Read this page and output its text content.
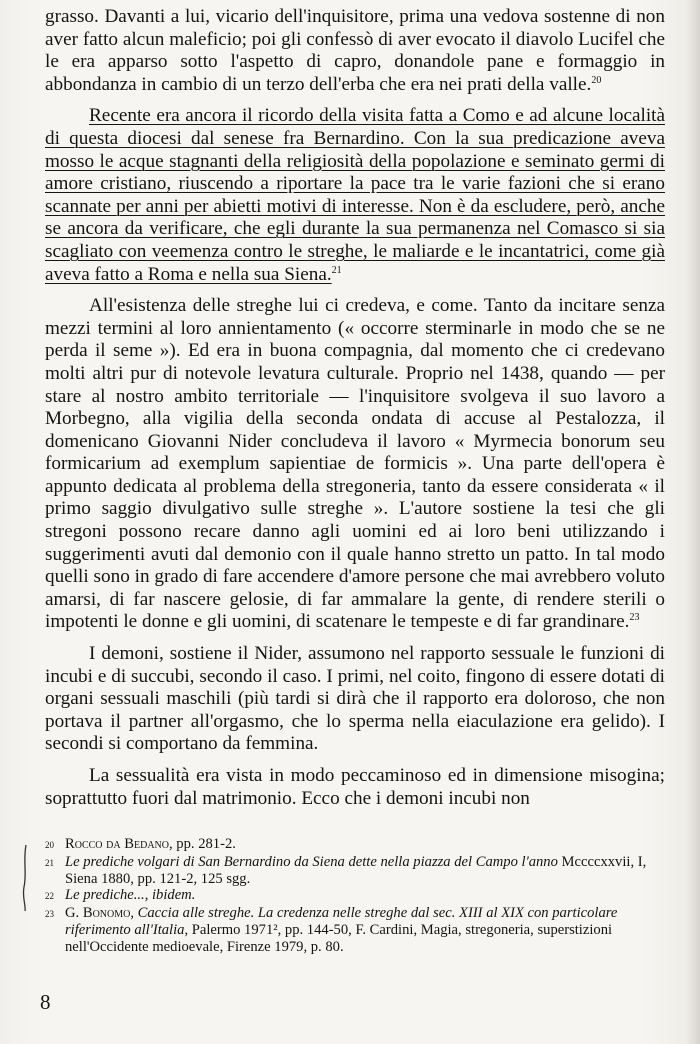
grasso. Davanti a lui, vicario dell'inquisitore, prima una vedova sostenne di non aver fatto alcun maleficio; poi gli confessò di aver evocato il diavolo Lucifel che le era apparso sotto l'aspetto di capro, donandole pane e formaggio in abbondanza in cambio di un terzo dell'erba che era nei prati della valle.$^{20}$

Recente era ancora il ricordo della visita fatta a Como e ad alcune località di questa diocesi dal senese fra Bernardino. Con la sua predicazione aveva mosso le acque stagnanti della religiosità della popolazione e seminato germi di amore cristiano, riuscendo a riportare la pace tra le varie fazioni che si erano scannate per anni per abietti motivi di interesse. Non è da escludere, però, anche se ancora da verificare, che egli durante la sua permanenza nel Comasco si sia scagliato con veemenza contro le streghe, le maliarde e le incantatrici, come già aveva fatto a Roma e nella sua Siena.$^{21}$

All'esistenza delle streghe lui ci credeva, e come. Tanto da incitare senza mezzi termini al loro annientamento (« occorre sterminarle in modo che se ne perda il seme »). Ed era in buona compagnia, dal momento che ci credevano molti altri pur di notevole levatura culturale. Proprio nel 1438, quando — per stare al nostro ambito territoriale — l'inquisitore svolgeva il suo lavoro a Morbegno, alla vigilia della seconda ondata di accuse al Pestalozza, il domenicano Giovanni Nider concludeva il lavoro « Myrmecia bonorum seu formicarium ad exemplum sapientiae de formicis ». Una parte dell'opera è appunto dedicata al problema della stregoneria, tanto da essere considerata « il primo saggio divulgativo sulle streghe ». L'autore sostiene la tesi che gli stregoni possono recare danno agli uomini ed ai loro beni utilizzando i suggerimenti avuti dal demonio con il quale hanno stretto un patto. In tal modo quelli sono in grado di fare accendere d'amore persone che mai avrebbero voluto amarsi, di far nascere gelosie, di far ammalare la gente, di rendere sterili o impotenti le donne e gli uomini, di scatenare le tempeste e di far grandinare.$^{23}$

I demoni, sostiene il Nider, assumono nel rapporto sessuale le funzioni di incubi e di succubi, secondo il caso. I primi, nel coito, fingono di essere dotati di organi sessuali maschili (più tardi si dirà che il rapporto era doloroso, che non portava il partner all'orgasmo, che lo sperma nella eiaculazione era gelido). I secondi si comportano da femmina.

La sessualità era vista in modo peccaminoso ed in dimensione misogina; soprattutto fuori dal matrimonio. Ecco che i demoni incubi non

20 Rocco da Bedano, pp. 281-2.
21 Le prediche volgari di San Bernardino da Siena dette nella piazza del Campo l'anno Mccccxxvii, I, Siena 1880, pp. 121-2, 125 sgg.
22 Le prediche..., ibidem.
23 G. Bonomo, Caccia alle streghe. La credenza nelle streghe dal sec. XIII al XIX con particolare riferimento all'Italia, Palermo 1971², pp. 144-50, F. Cardini, Magia, stregoneria, superstizioni nell'Occidente medioevale, Firenze 1979, p. 80.
8
